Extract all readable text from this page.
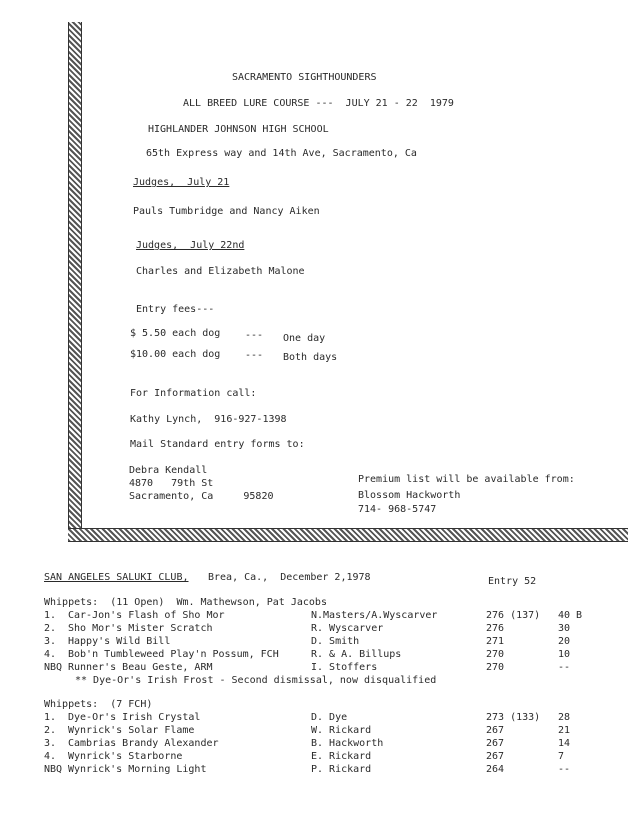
SACRAMENTO SIGHTHOUNDERS
ALL BREED LURE COURSE ---  JULY 21 - 22  1979
HIGHLANDER JOHNSON HIGH SCHOOL
65th Express way and 14th Ave, Sacramento, Ca
Judges,  July 21
Pauls Tumbridge and Nancy Aiken
Judges,  July 22nd
Charles and Elizabeth Malone
Entry fees---
$ 5.50 each dog --- One day
$10.00 each dog --- Both days
For Information call:
Kathy Lynch,  916-927-1398
Mail Standard entry forms to:
Debra Kendall
4870   79th St
Sacramento, Ca     95820
Premium list will be available from:
Blossom Hackworth
714- 968-5747
SAN ANGELES SALUKI CLUB, Brea, Ca.,  December 2,1978	Entry 52
Whippets:  (11 Open)  Wm. Mathewson, Pat Jacobs
1. Car-Jon's Flash of Sho Mor	N.Masters/A.Wyscarver	276 (137) 40 B
2. Sho Mor's Mister Scratch	R. Wyscarver	276	30
3. Happy's Wild Bill	D. Smith	271	20
4. Bob'n Tumbleweed Play'n Possum, FCH	R. & A. Billups	270	10
NBQ Runner's Beau Geste, ARM	I. Stoffers	270	--
** Dye-Or's Irish Frost - Second dismissal, now disqualified
Whippets:  (7 FCH)
1. Dye-Or's Irish Crystal	D. Dye	273 (133) 28
2. Wynrick's Solar Flame	W. Rickard	267	21
3. Cambrias Brandy Alexander	B. Hackworth	267	14
4. Wynrick's Starborne	E. Rickard	267	7
NBQ Wynrick's Morning Light	P. Rickard	264	--
